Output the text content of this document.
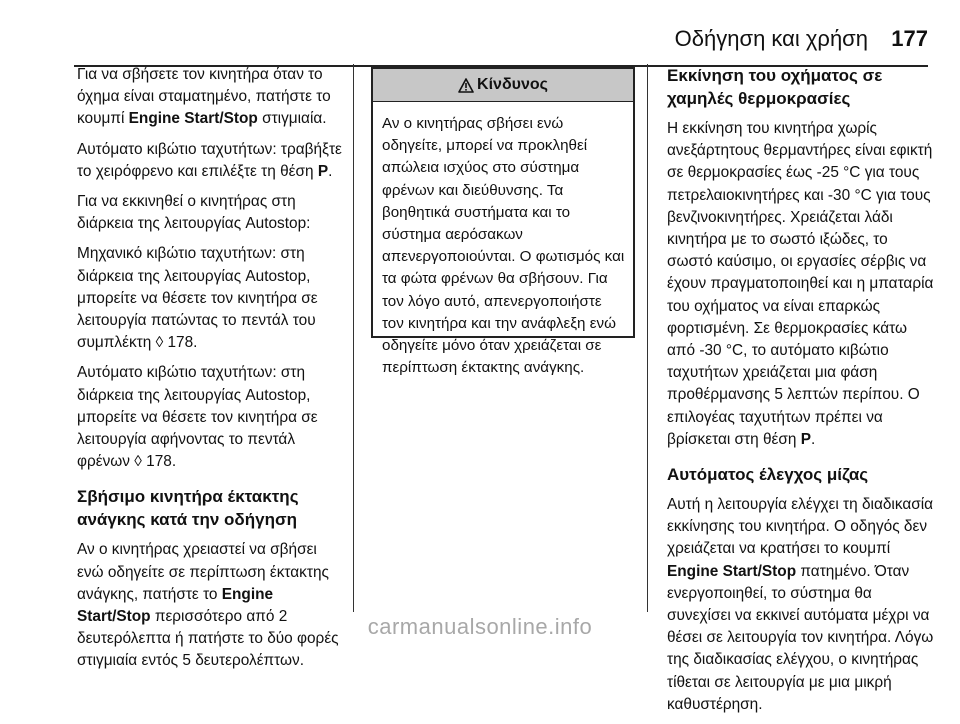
Οδήγηση και χρήση 177

Για να σβήσετε τον κινητήρα όταν το όχημα είναι σταματημένο, πατήστε το κουμπί Engine Start/Stop στιγμιαία.

Αυτόματο κιβώτιο ταχυτήτων: τραβήξτε το χειρόφρενο και επιλέξτε τη θέση P.

Για να εκκινηθεί ο κινητήρας στη διάρκεια της λειτουργίας Autostop:

Μηχανικό κιβώτιο ταχυτήτων: στη διάρκεια της λειτουργίας Autostop, μπορείτε να θέσετε τον κινητήρα σε λειτουργία πατώντας το πεντάλ του συμπλέκτη ◊ 178.

Αυτόματο κιβώτιο ταχυτήτων: στη διάρκεια της λειτουργίας Autostop, μπορείτε να θέσετε τον κινητήρα σε λειτουργία αφήνοντας το πεντάλ φρένων ◊ 178.

Σβήσιμο κινητήρα έκτακτης ανάγκης κατά την οδήγηση

Αν ο κινητήρας χρειαστεί να σβήσει ενώ οδηγείτε σε περίπτωση έκτακτης ανάγκης, πατήστε το Engine Start/Stop περισσότερο από 2 δευτερόλεπτα ή πατήστε το δύο φορές στιγμιαία εντός 5 δευτερολέπτων.

Κίνδυνος
Αν ο κινητήρας σβήσει ενώ οδηγείτε, μπορεί να προκληθεί απώλεια ισχύος στο σύστημα φρένων και διεύθυνσης. Τα βοηθητικά συστήματα και το σύστημα αερόσακων απενεργοποιούνται. Ο φωτισμός και τα φώτα φρένων θα σβήσουν. Για τον λόγο αυτό, απενεργοποιήστε τον κινητήρα και την ανάφλεξη ενώ οδηγείτε μόνο όταν χρειάζεται σε περίπτωση έκτακτης ανάγκης.
Εκκίνηση του οχήματος σε χαμηλές θερμοκρασίες

Η εκκίνηση του κινητήρα χωρίς ανεξάρτητους θερμαντήρες είναι εφικτή σε θερμοκρασίες έως -25 °C για τους πετρελαιοκινητήρες και -30 °C για τους βενζινοκινητήρες. Χρειάζεται λάδι κινητήρα με το σωστό ιξώδες, το σωστό καύσιμο, οι εργασίες σέρβις να έχουν πραγματοποιηθεί και η μπαταρία του οχήματος να είναι επαρκώς φορτισμένη. Σε θερμοκρασίες κάτω από -30 °C, το αυτόματο κιβώτιο ταχυτήτων χρειάζεται μια φάση προθέρμανσης 5 λεπτών περίπου. Ο επιλογέας ταχυτήτων πρέπει να βρίσκεται στη θέση P.

Αυτόματος έλεγχος μίζας

Αυτή η λειτουργία ελέγχει τη διαδικασία εκκίνησης του κινητήρα. Ο οδηγός δεν χρειάζεται να κρατήσει το κουμπί Engine Start/Stop πατημένο. Όταν ενεργοποιηθεί, το σύστημα θα συνεχίσει να εκκινεί αυτόματα μέχρι να θέσει σε λειτουργία τον κινητήρα. Λόγω της διαδικασίας ελέγχου, ο κινητήρας τίθεται σε λειτουργία με μια μικρή καθυστέρηση.

carmanualsonline.info
